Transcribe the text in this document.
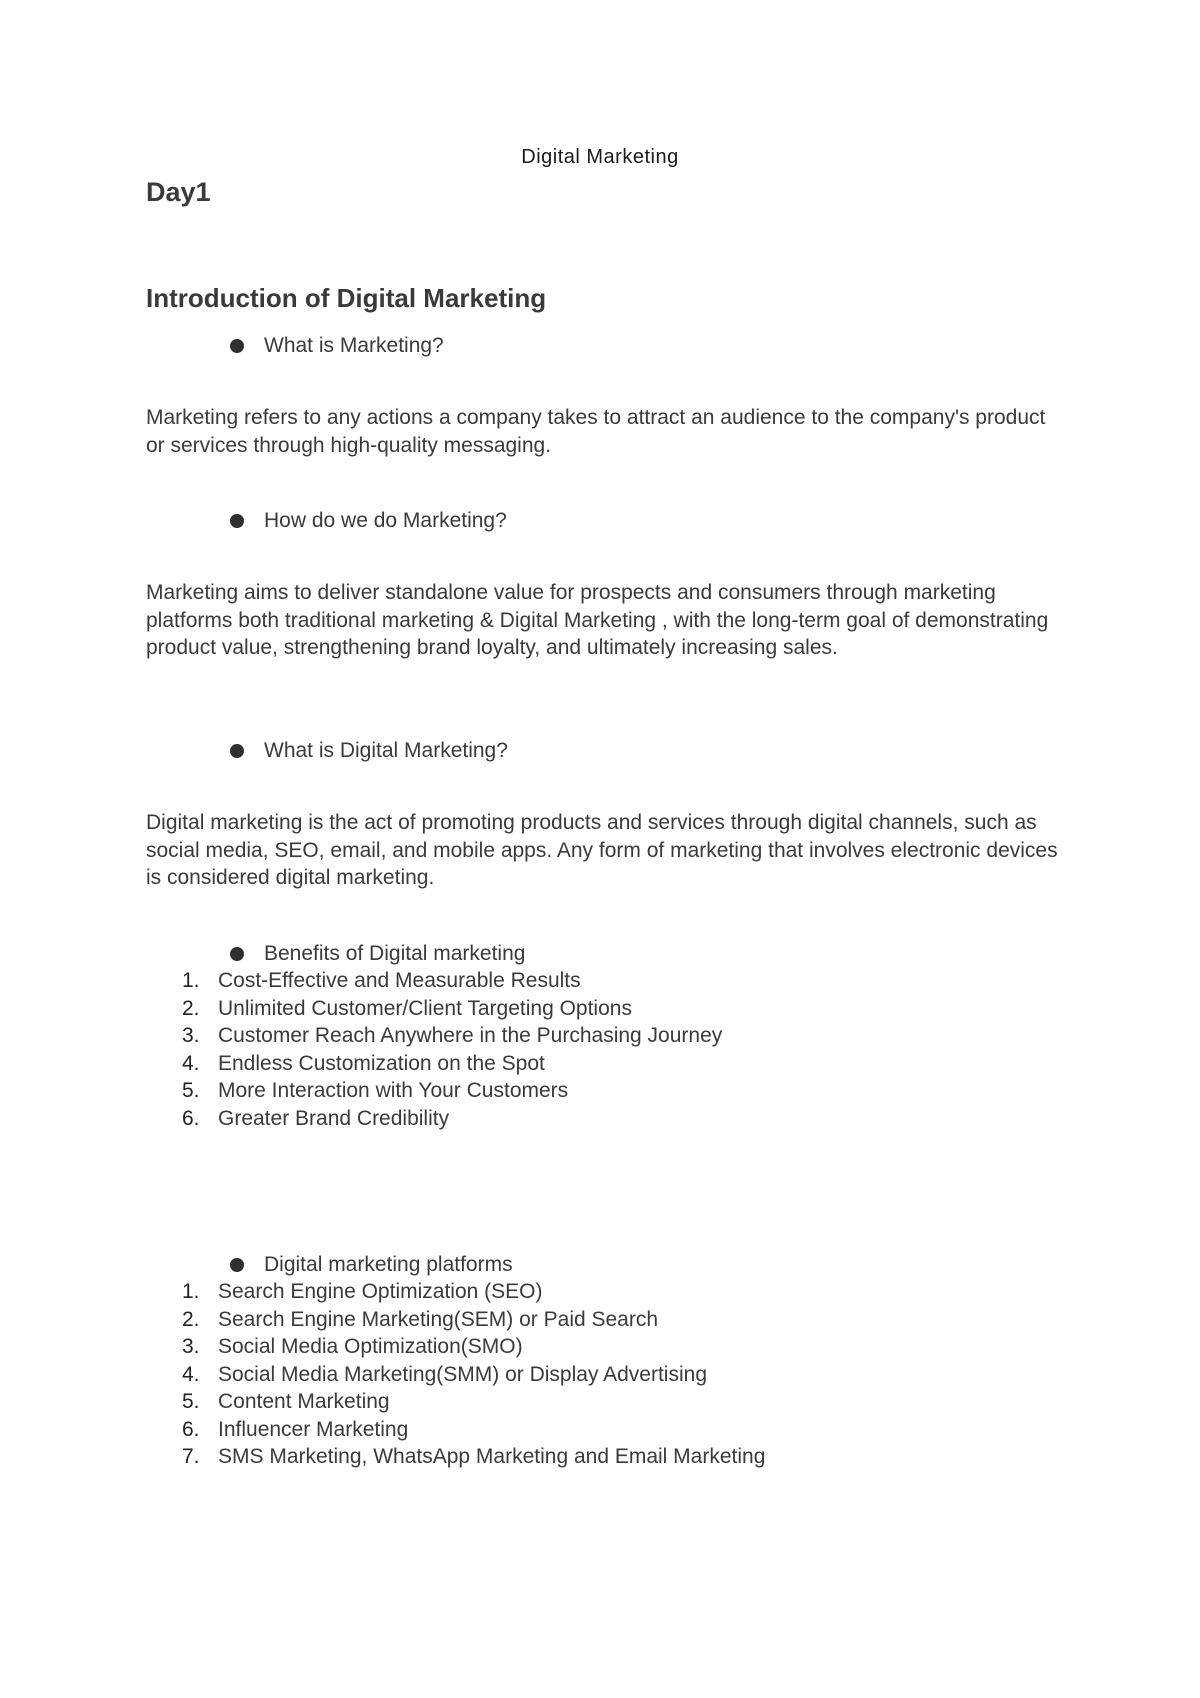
Digital Marketing
Day1
Introduction of Digital Marketing
What is Marketing?

Marketing refers to any actions a company takes to attract an audience to the company's product or services through high-quality messaging.

How do we do Marketing?

Marketing aims to deliver standalone value for prospects and consumers through marketing platforms both traditional marketing & Digital Marketing , with the long-term goal of demonstrating product value, strengthening brand loyalty, and ultimately increasing sales.

What is Digital Marketing?

Digital marketing is the act of promoting products and services through digital channels, such as social media, SEO, email, and mobile apps. Any form of marketing that involves electronic devices is considered digital marketing.

Benefits of Digital marketing
1. Cost-Effective and Measurable Results
2. Unlimited Customer/Client Targeting Options
3. Customer Reach Anywhere in the Purchasing Journey
4. Endless Customization on the Spot
5. More Interaction with Your Customers
6. Greater Brand Credibility
Digital marketing platforms
1. Search Engine Optimization (SEO)
2. Search Engine Marketing(SEM) or Paid Search
3. Social Media Optimization(SMO)
4. Social Media Marketing(SMM) or Display Advertising
5. Content Marketing
6. Influencer Marketing
7. SMS Marketing, WhatsApp Marketing and Email Marketing
